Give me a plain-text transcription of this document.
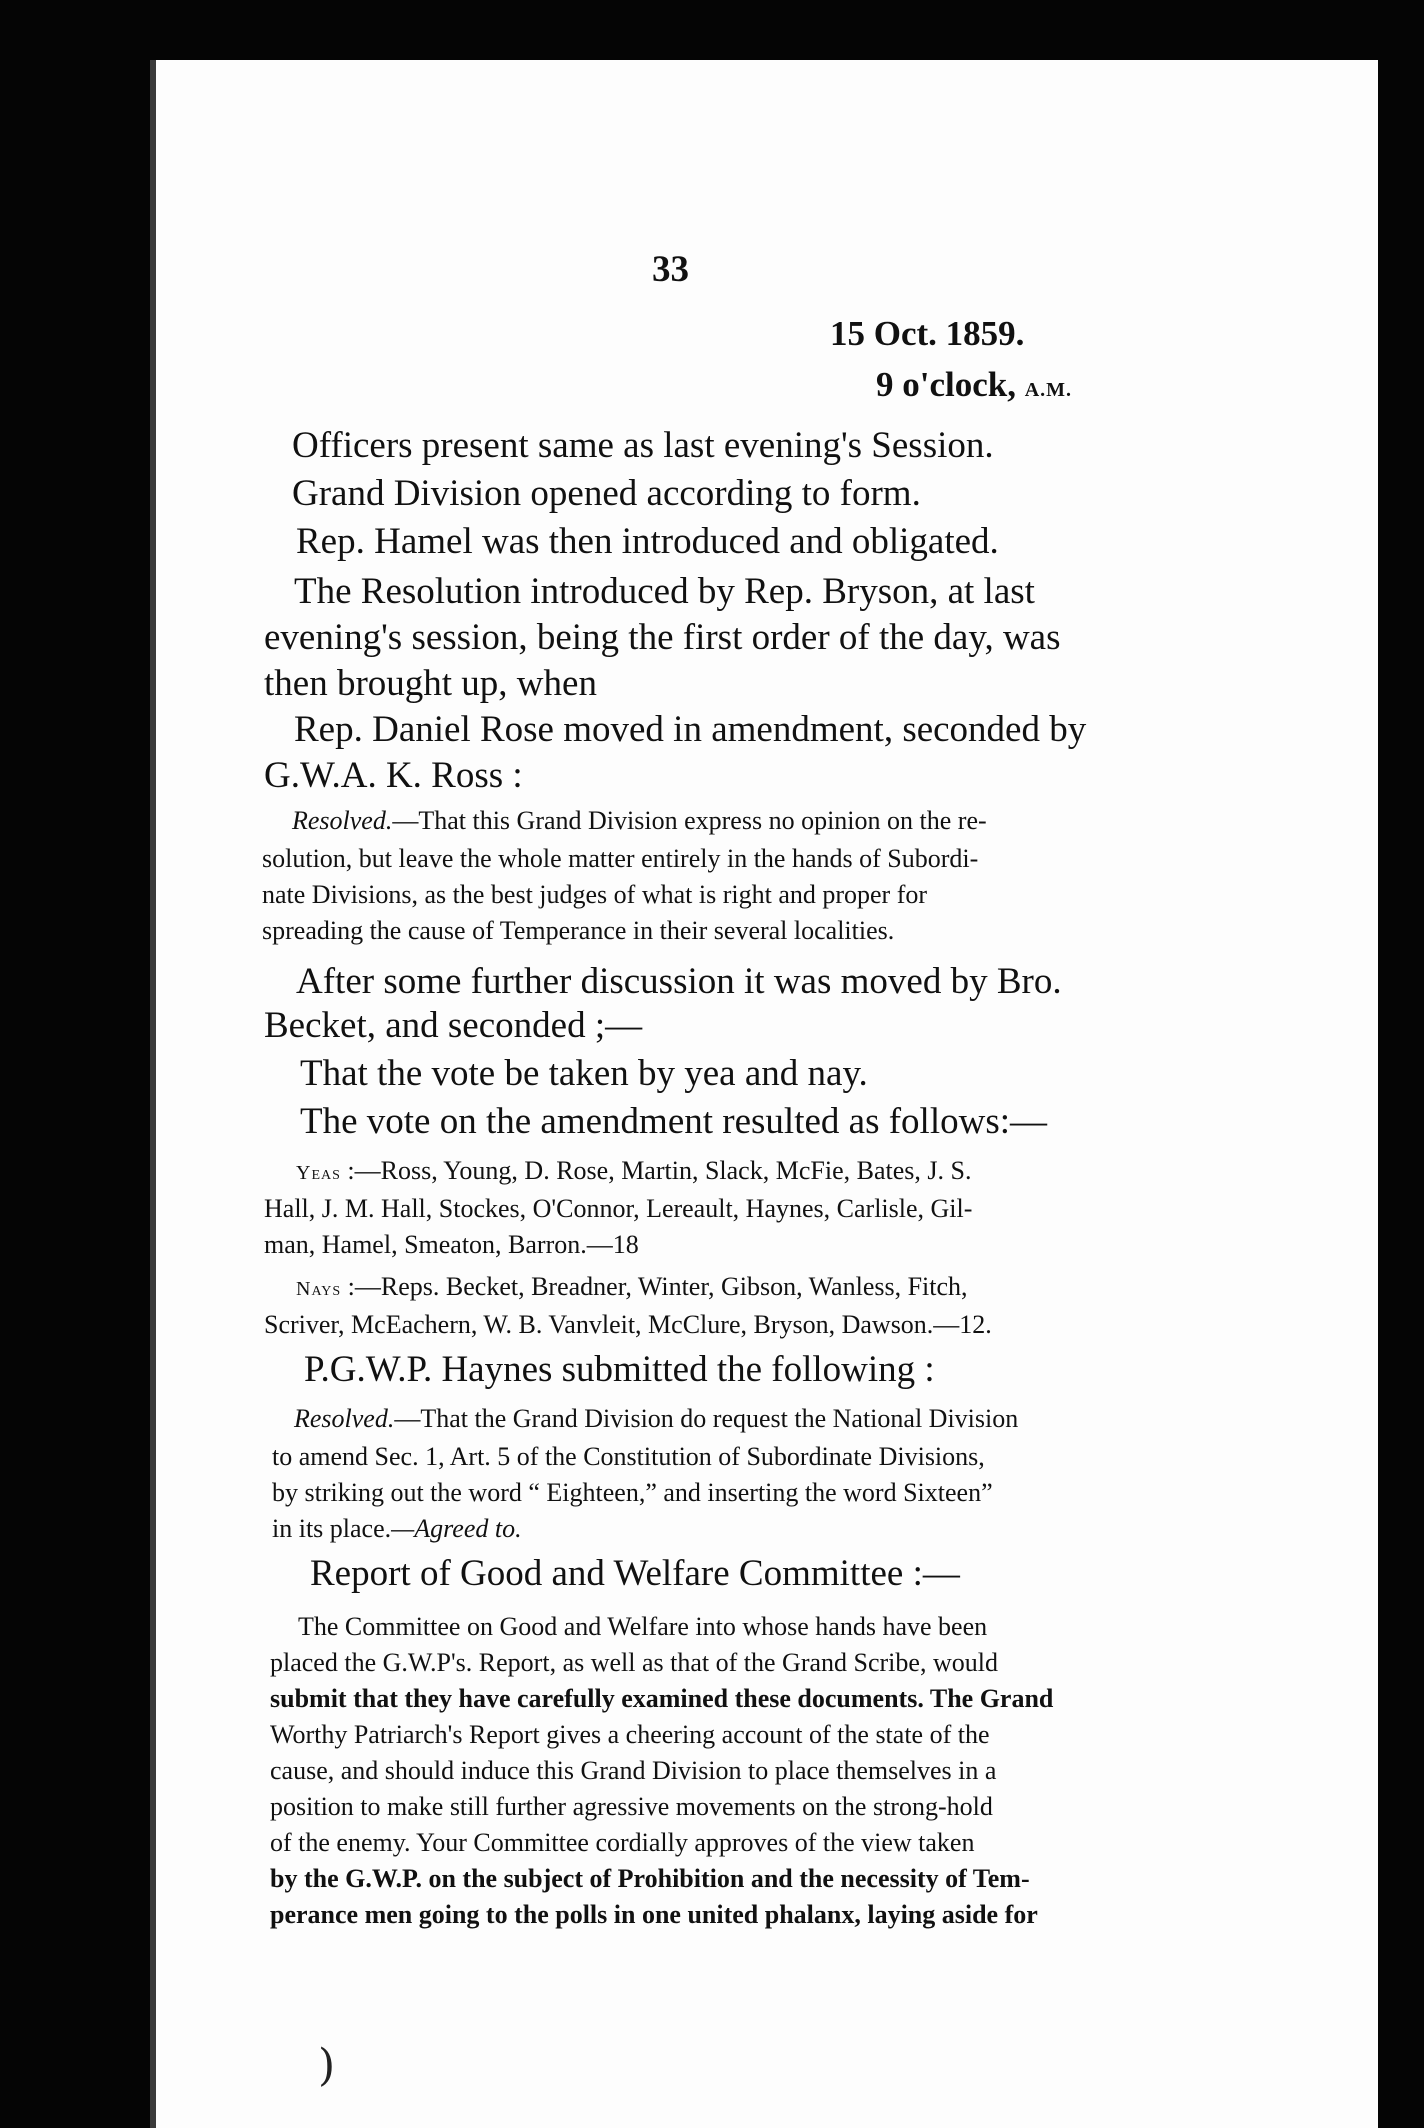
33
15 Oct. 1859.
9 o'clock, A.M.
Officers present same as last evening's Session.
Grand Division opened according to form.
Rep. Hamel was then introduced and obligated.
The Resolution introduced by Rep. Bryson, at last
evening's session, being the first order of the day, was
then brought up, when
Rep. Daniel Rose moved in amendment, seconded by
G.W.A. K. Ross :
Resolved.—That this Grand Division express no opinion on the re-
solution, but leave the whole matter entirely in the hands of Subordi-
nate Divisions, as the best judges of what is right and proper for
spreading the cause of Temperance in their several localities.
After some further discussion it was moved by Bro.
Becket, and seconded ;—
That the vote be taken by yea and nay.
The vote on the amendment resulted as follows:—
Yeas :—Ross, Young, D. Rose, Martin, Slack, McFie, Bates, J. S.
Hall, J. M. Hall, Stockes, O'Connor, Lereault, Haynes, Carlisle, Gil-
man, Hamel, Smeaton, Barron.—18
Nays :—Reps. Becket, Breadner, Winter, Gibson, Wanless, Fitch,
Scriver, McEachern, W. B. Vanvleit, McClure, Bryson, Dawson.—12.
P.G.W.P. Haynes submitted the following :
Resolved.—That the Grand Division do request the National Division
to amend Sec. 1, Art. 5 of the Constitution of Subordinate Divisions,
by striking out the word “ Eighteen,” and inserting the word Sixteen”
in its place.—Agreed to.
Report of Good and Welfare Committee :—
The Committee on Good and Welfare into whose hands have been
placed the G.W.P's. Report, as well as that of the Grand Scribe, would
submit that they have carefully examined these documents. The Grand
Worthy Patriarch's Report gives a cheering account of the state of the
cause, and should induce this Grand Division to place themselves in a
position to make still further agressive movements on the strong-hold
of the enemy. Your Committee cordially approves of the view taken
by the G.W.P. on the subject of Prohibition and the necessity of Tem-
perance men going to the polls in one united phalanx, laying aside for
)
